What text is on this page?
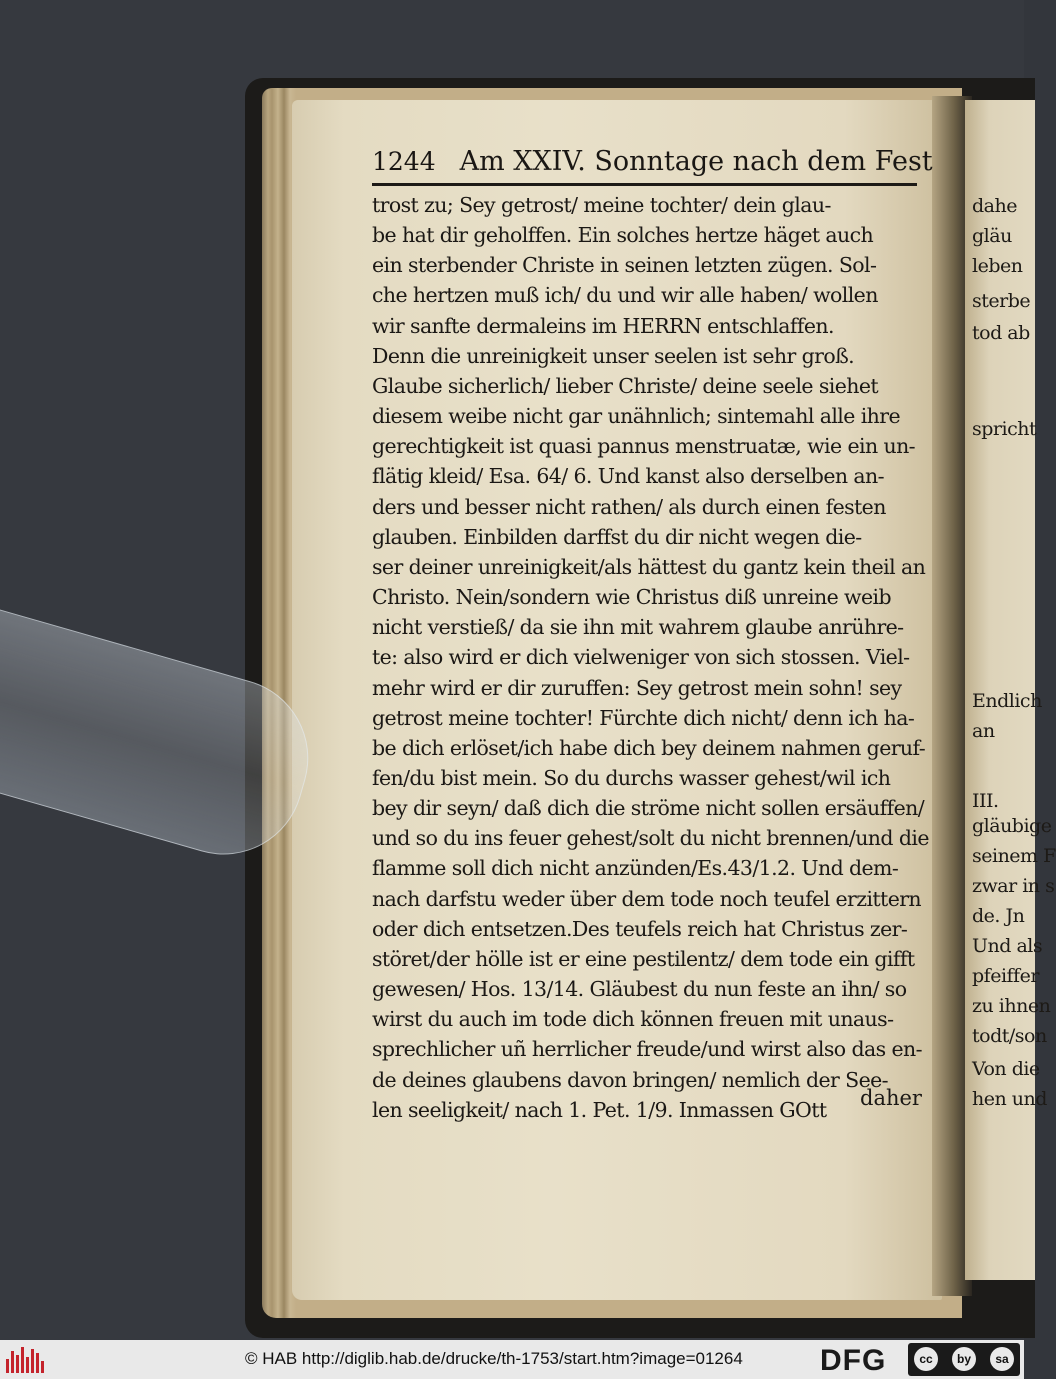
1244 Am XXIV. Sonntage nach dem Fest
trost zu; Sey getrost/ meine tochter/ dein glau-
be hat dir geholffen. Ein solches hertze häget auch
ein sterbender Christe in seinen letzten zügen. Sol-
che hertzen muß ich/ du und wir alle haben/ wollen
wir sanfte dermaleins im HERRN entschlaffen.
Denn die unreinigkeit unser seelen ist sehr groß.
Glaube sicherlich/ lieber Christe/ deine seele siehet
diesem weibe nicht gar unähnlich; sintemahl alle ihre
gerechtigkeit ist quasi pannus menstruatæ, wie ein un-
flätig kleid/ Esa. 64/ 6. Und kanst also derselben an-
ders und besser nicht rathen/ als durch einen festen
glauben. Einbilden darffst du dir nicht wegen die-
ser deiner unreinigkeit/als hättest du gantz kein theil an
Christo. Nein/sondern wie Christus diß unreine weib
nicht verstieß/ da sie ihn mit wahrem glaube anrühre-
te: also wird er dich vielweniger von sich stossen. Viel-
mehr wird er dir zuruffen: Sey getrost mein sohn! sey
getrost meine tochter! Fürchte dich nicht/ denn ich ha-
be dich erlöset/ich habe dich bey deinem nahmen geruf-
fen/du bist mein. So du durchs wasser gehest/wil ich
bey dir seyn/ daß dich die ströme nicht sollen ersäuffen/
und so du ins feuer gehest/solt du nicht brennen/und die
flamme soll dich nicht anzünden/Es.43/1.2. Und dem-
nach darfstu weder über dem tode noch teufel erzittern
oder dich entsetzen.Des teufels reich hat Christus zer-
störet/der hölle ist er eine pestilentz/ dem tode ein gifft
gewesen/ Hos. 13/14. Gläubest du nun feste an ihn/ so
wirst du auch im tode dich können freuen mit unaus-
sprechlicher uñ herrlicher freude/und wirst also das en-
de deines glaubens davon bringen/ nemlich der See-
len seeligkeit/ nach 1. Pet. 1/9. Inmassen GOtt	daher
dahe
gläu
leben
sterbe
tod ab
spricht
Endlich
an
III.
gläubige
seinem F
zwar in s
de. Jn
Und als
pfeiffer
zu ihnen
todt/son
Von die
hen und
© HAB http://diglib.hab.de/drucke/th-1753/start.htm?image=01264	DFG	cc	by	sa
